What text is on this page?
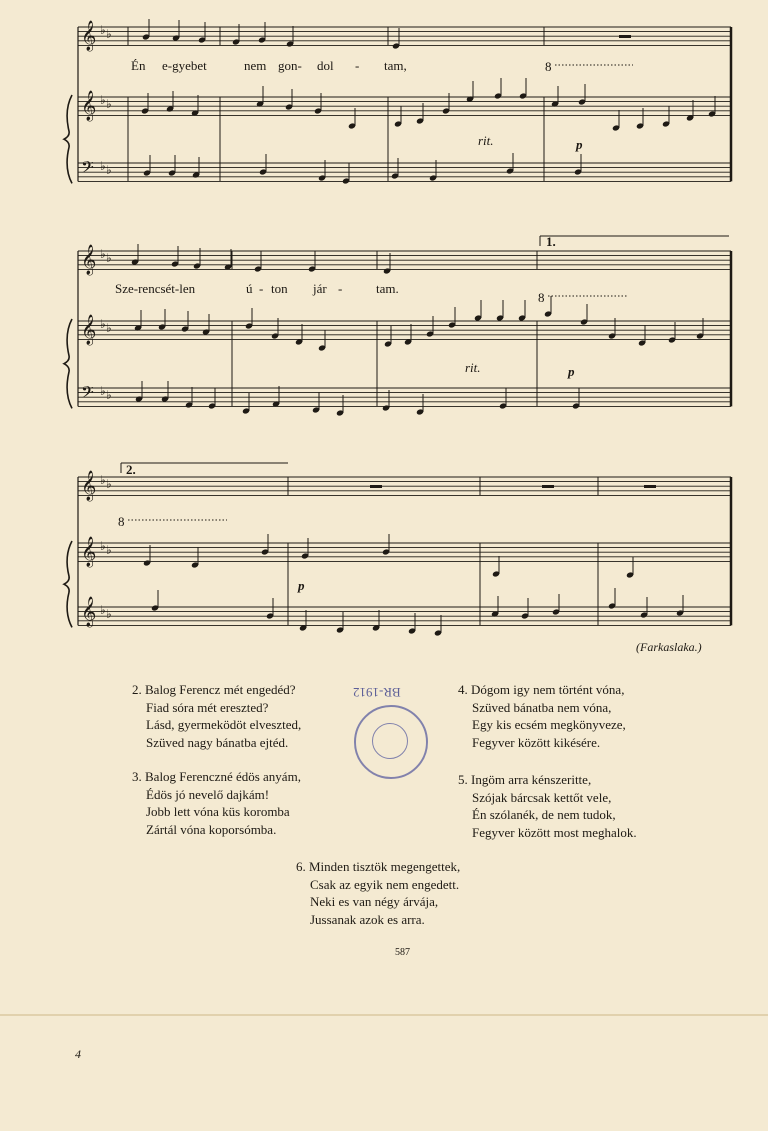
𝄞
𝄞
𝄢
♭ ♭
♭ ♭
♭ ♭
𝄞
𝄞
𝄢
♭ ♭
♭ ♭
♭ ♭
𝄞
𝄞
𝄞
♭ ♭
♭ ♭
♭ ♭
Én e-gyebet	nem gon- dol - tam,
Sze-rencsét-len	ú - ton jár -	tam.
rit.
rit.
p
p
p
8
8
8
1.
2.
(Farkaslaka.)
BR-1912
2. Balog Ferencz mét engedéd?
Fiad sóra mét ereszted?
Lásd, gyermeködöt elveszted,
Szüved nagy bánatba ejtéd.
3. Balog Ferenczné édös anyám,
Édös jó nevelő dajkám!
Jobb lett vóna küs koromba
Zártál vóna koporsómba.
4. Dógom igy nem történt vóna,
Szüved bánatba nem vóna,
Egy kis ecsém megkönyveze,
Fegyver között kikésére.
5. Ingöm arra kénszeritte,
Szójak bárcsak kettőt vele,
Én szólanék, de nem tudok,
Fegyver között most meghalok.
6. Minden tisztök megengettek,
Csak az egyik nem engedett.
Neki es van négy árvája,
Jussanak azok es arra.
587
4
